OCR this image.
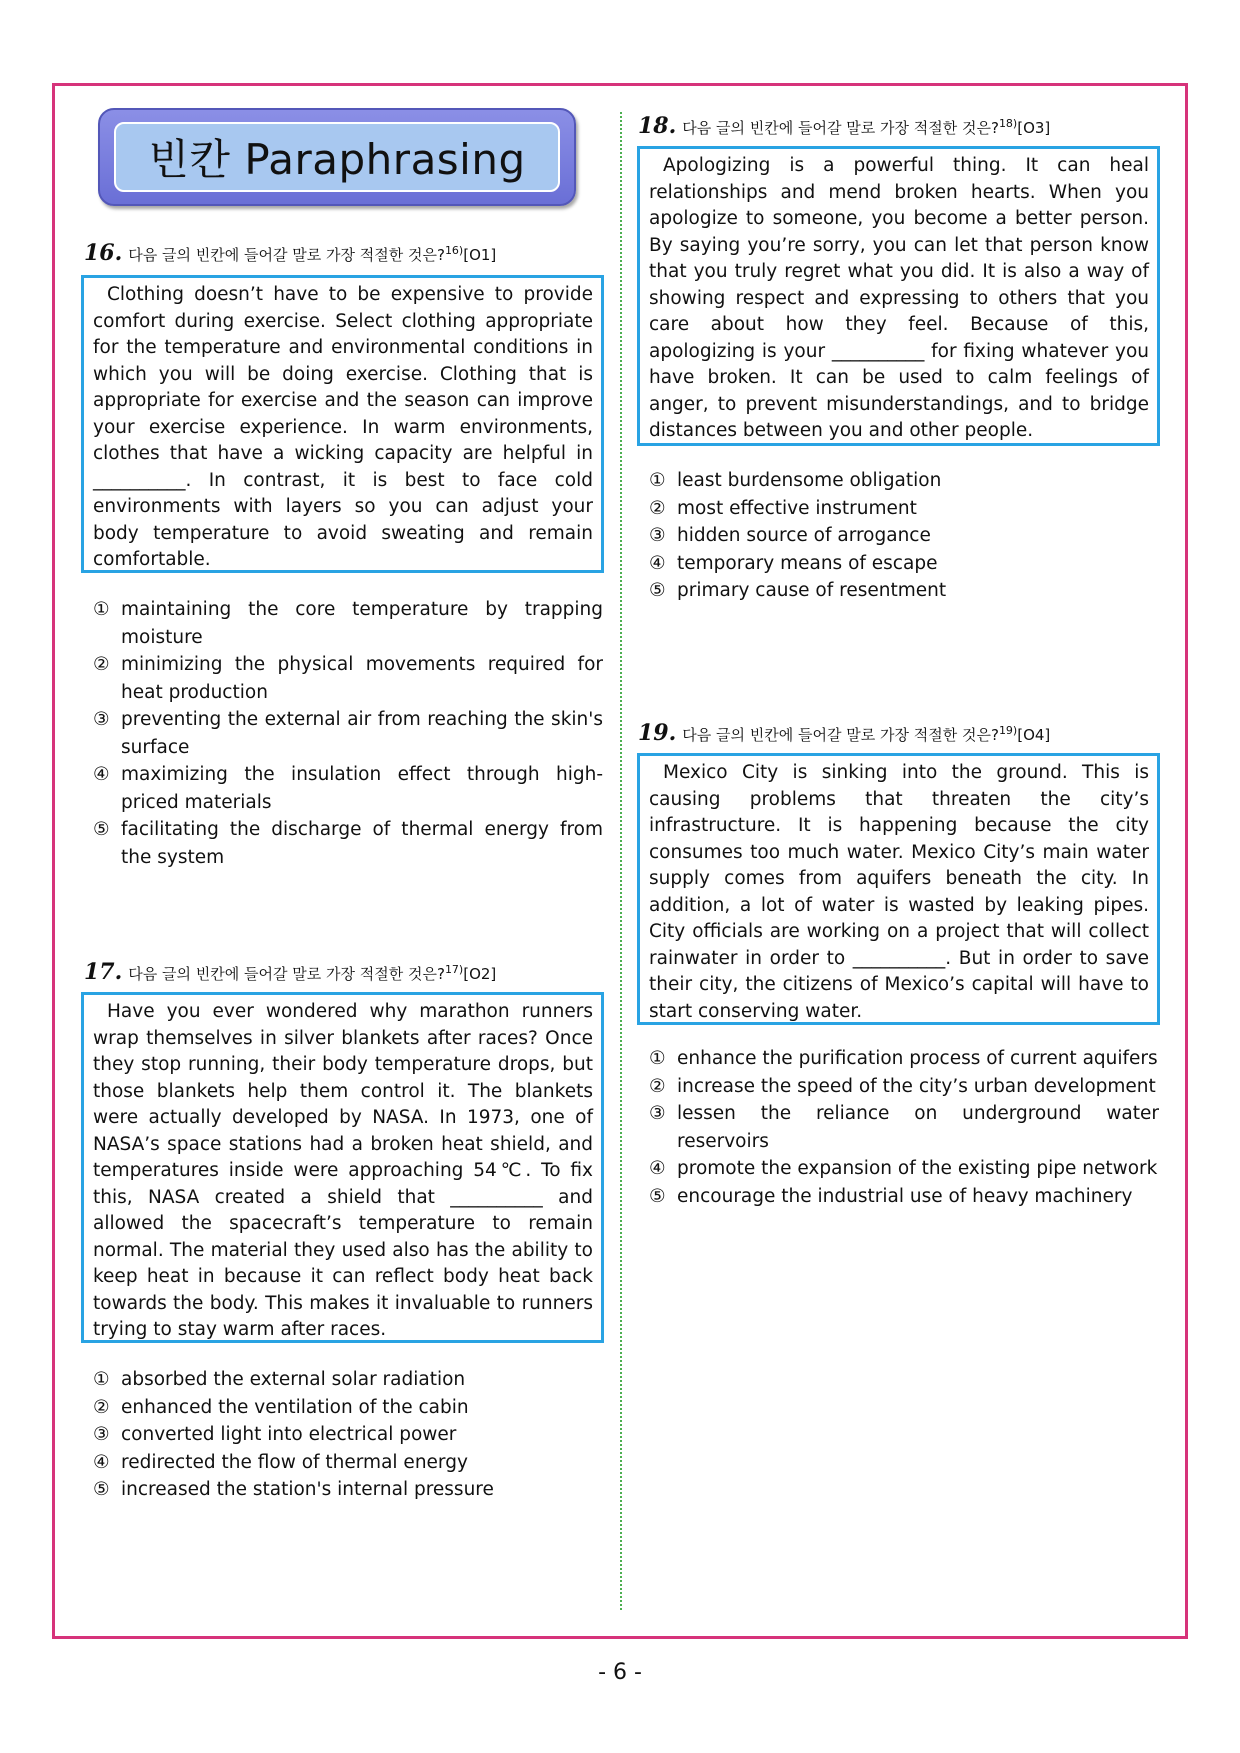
빈칸 Paraphrasing
16. 다음 글의 빈칸에 들어갈 말로 가장 적절한 것은?$^{16)}$[O1]

Clothing doesn’t have to be expensive to provide comfort during exercise. Select clothing appropriate for the temperature and environmental conditions in which you will be doing exercise. Clothing that is appropriate for exercise and the season can improve your exercise experience. In warm environments, clothes that have a wicking capacity are helpful in __________. In contrast, it is best to face cold environments with layers so you can adjust your body temperature to avoid sweating and remain comfortable.

① maintaining the core temperature by trapping moisture
② minimizing the physical movements required for heat production
③ preventing the external air from reaching the skin's surface
④ maximizing the insulation effect through high-priced materials
⑤ facilitating the discharge of thermal energy from the system
17. 다음 글의 빈칸에 들어갈 말로 가장 적절한 것은?$^{17)}$[O2]

Have you ever wondered why marathon runners wrap themselves in silver blankets after races? Once they stop running, their body temperature drops, but those blankets help them control it. The blankets were actually developed by NASA. In 1973, one of NASA’s space stations had a broken heat shield, and temperatures inside were approaching 54℃. To fix this, NASA created a shield that __________ and allowed the spacecraft’s temperature to remain normal. The material they used also has the ability to keep heat in because it can reflect body heat back towards the body. This makes it invaluable to runners trying to stay warm after races.

① absorbed the external solar radiation
② enhanced the ventilation of the cabin
③ converted light into electrical power
④ redirected the flow of thermal energy
⑤ increased the station's internal pressure
18. 다음 글의 빈칸에 들어갈 말로 가장 적절한 것은?$^{18)}$[O3]

Apologizing is a powerful thing. It can heal relationships and mend broken hearts. When you apologize to someone, you become a better person. By saying you’re sorry, you can let that person know that you truly regret what you did. It is also a way of showing respect and expressing to others that you care about how they feel. Because of this, apologizing is your __________ for fixing whatever you have broken. It can be used to calm feelings of anger, to prevent misunderstandings, and to bridge distances between you and other people.

① least burdensome obligation
② most effective instrument
③ hidden source of arrogance
④ temporary means of escape
⑤ primary cause of resentment
19. 다음 글의 빈칸에 들어갈 말로 가장 적절한 것은?$^{19)}$[O4]

Mexico City is sinking into the ground. This is causing problems that threaten the city’s infrastructure. It is happening because the city consumes too much water. Mexico City’s main water supply comes from aquifers beneath the city. In addition, a lot of water is wasted by leaking pipes. City officials are working on a project that will collect rainwater in order to __________. But in order to save their city, the citizens of Mexico’s capital will have to start conserving water.

① enhance the purification process of current aquifers
② increase the speed of the city’s urban development
③ lessen the reliance on underground water reservoirs
④ promote the expansion of the existing pipe network
⑤ encourage the industrial use of heavy machinery
- 6 -
